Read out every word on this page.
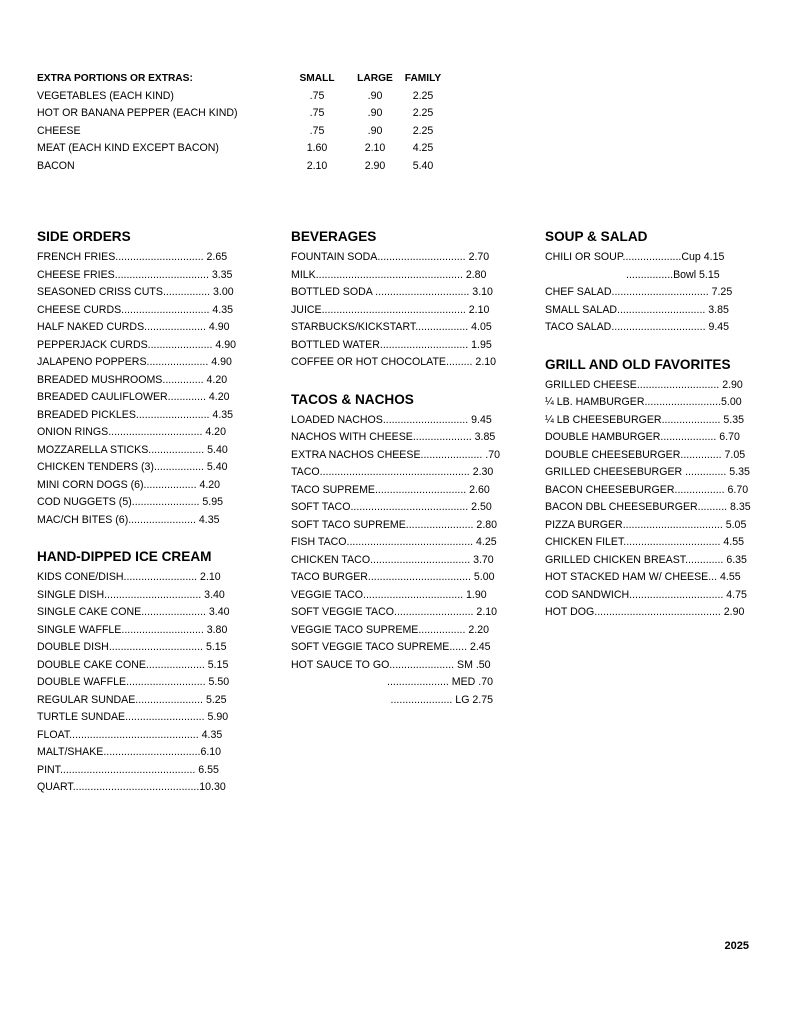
EXTRA PORTIONS OR EXTRAS:	SMALL	LARGE	FAMILY
VEGETABLES (EACH KIND)	.75	.90	2.25
HOT OR BANANA PEPPER (EACH KIND)	.75	.90	2.25
CHEESE	.75	.90	2.25
MEAT (EACH KIND EXCEPT BACON)	1.60	2.10	4.25
BACON	2.10	2.90	5.40
SIDE ORDERS
FRENCH FRIES.............................. 2.65
CHEESE FRIES................................ 3.35
SEASONED CRISS CUTS................ 3.00
CHEESE CURDS.............................. 4.35
HALF NAKED CURDS..................... 4.90
PEPPERJACK CURDS...................... 4.90
JALAPENO POPPERS..................... 4.90
BREADED MUSHROOMS.............. 4.20
BREADED CAULIFLOWER............. 4.20
BREADED PICKLES......................... 4.35
ONION RINGS................................ 4.20
MOZZARELLA STICKS................... 5.40
CHICKEN TENDERS (3)................. 5.40
MINI CORN DOGS (6).................. 4.20
COD NUGGETS (5)....................... 5.95
MAC/CH BITES (6)....................... 4.35
HAND-DIPPED ICE CREAM
KIDS CONE/DISH......................... 2.10
SINGLE DISH................................. 3.40
SINGLE CAKE CONE...................... 3.40
SINGLE WAFFLE............................ 3.80
DOUBLE DISH................................ 5.15
DOUBLE CAKE CONE.................... 5.15
DOUBLE WAFFLE........................... 5.50
REGULAR SUNDAE....................... 5.25
TURTLE SUNDAE........................... 5.90
FLOAT............................................ 4.35
MALT/SHAKE.................................6.10
PINT.............................................. 6.55
QUART...........................................10.30
BEVERAGES
FOUNTAIN SODA.............................. 2.70
MILK.................................................. 2.80
BOTTLED SODA ................................ 3.10
JUICE................................................. 2.10
STARBUCKS/KICKSTART.................. 4.05
BOTTLED WATER.............................. 1.95
COFFEE OR HOT CHOCOLATE......... 2.10
TACOS & NACHOS
LOADED NACHOS............................. 9.45
NACHOS WITH CHEESE.................... 3.85
EXTRA NACHOS CHEESE..................... .70
TACO................................................... 2.30
TACO SUPREME............................... 2.60
SOFT TACO........................................ 2.50
SOFT TACO SUPREME....................... 2.80
FISH TACO........................................... 4.25
CHICKEN TACO.................................. 3.70
TACO BURGER................................... 5.00
VEGGIE TACO.................................. 1.90
SOFT VEGGIE TACO........................... 2.10
VEGGIE TACO SUPREME................ 2.20
SOFT VEGGIE TACO SUPREME...... 2.45
HOT SAUCE TO GO...................... SM .50
..................... MED .70
..................... LG 2.75
SOUP & SALAD
CHILI OR SOUP....................Cup 4.15
................Bowl 5.15
CHEF SALAD................................. 7.25
SMALL SALAD.............................. 3.85
TACO SALAD................................ 9.45
GRILL AND OLD FAVORITES
GRILLED CHEESE............................ 2.90
¼ LB. HAMBURGER..........................5.00
¼ LB CHEESEBURGER.................... 5.35
DOUBLE HAMBURGER................... 6.70
DOUBLE CHEESEBURGER.............. 7.05
GRILLED CHEESEBURGER .............. 5.35
BACON CHEESEBURGER................. 6.70
BACON DBL CHEESEBURGER.......... 8.35
PIZZA BURGER.................................. 5.05
CHICKEN FILET................................. 4.55
GRILLED CHICKEN BREAST............. 6.35
HOT STACKED HAM W/ CHEESE... 4.55
COD SANDWICH................................ 4.75
HOT DOG........................................... 2.90
2025
